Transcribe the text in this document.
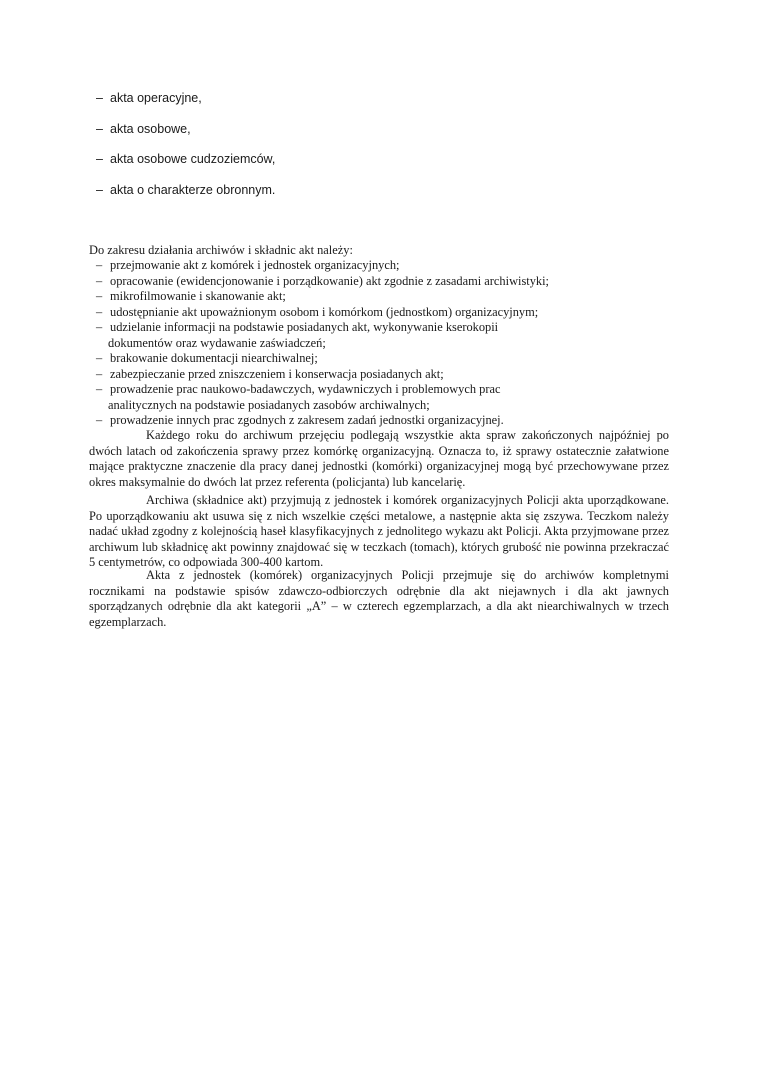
– akta operacyjne,
– akta osobowe,
– akta osobowe cudzoziemców,
– akta o charakterze obronnym.
Do zakresu działania archiwów i składnic akt należy:
– przejmowanie akt z komórek i jednostek organizacyjnych;
– opracowanie (ewidencjonowanie i porządkowanie) akt zgodnie z zasadami archiwistyki;
– mikrofilmowanie i skanowanie akt;
– udostępnianie akt upoważnionym osobom i komórkom (jednostkom) organizacyjnym;
– udzielanie informacji na podstawie posiadanych akt, wykonywanie kserokopii
dokumentów oraz wydawanie zaświadczeń;
– brakowanie dokumentacji niearchiwalnej;
– zabezpieczanie przed zniszczeniem i konserwacja posiadanych akt;
– prowadzenie prac naukowo-badawczych, wydawniczych i problemowych prac
analitycznych na podstawie posiadanych zasobów archiwalnych;
– prowadzenie innych prac zgodnych z zakresem zadań jednostki organizacyjnej.

Każdego roku do archiwum przejęciu podlegają wszystkie akta spraw zakończonych najpóźniej po dwóch latach od zakończenia sprawy przez komórkę organizacyjną. Oznacza to, iż sprawy ostatecznie załatwione mające praktyczne znaczenie dla pracy danej jednostki (komórki) organizacyjnej mogą być przechowywane przez okres maksymalnie do dwóch lat przez referenta (policjanta) lub kancelarię.

Archiwa (składnice akt) przyjmują z jednostek i komórek organizacyjnych Policji akta uporządkowane. Po uporządkowaniu akt usuwa się z nich wszelkie części metalowe, a następnie akta się zszywa. Teczkom należy nadać układ zgodny z kolejnością haseł klasyfikacyjnych z jednolitego wykazu akt Policji. Akta przyjmowane przez archiwum lub składnicę akt powinny znajdować się w teczkach (tomach), których grubość nie powinna przekraczać 5 centymetrów, co odpowiada 300-400 kartom.

Akta z jednostek (komórek) organizacyjnych Policji przejmuje się do archiwów kompletnymi rocznikami na podstawie spisów zdawczo-odbiorczych odrębnie dla akt niejawnych i dla akt jawnych sporządzanych odrębnie dla akt kategorii „A” – w czterech egzemplarzach, a dla akt niearchiwalnych w trzech egzemplarzach.
